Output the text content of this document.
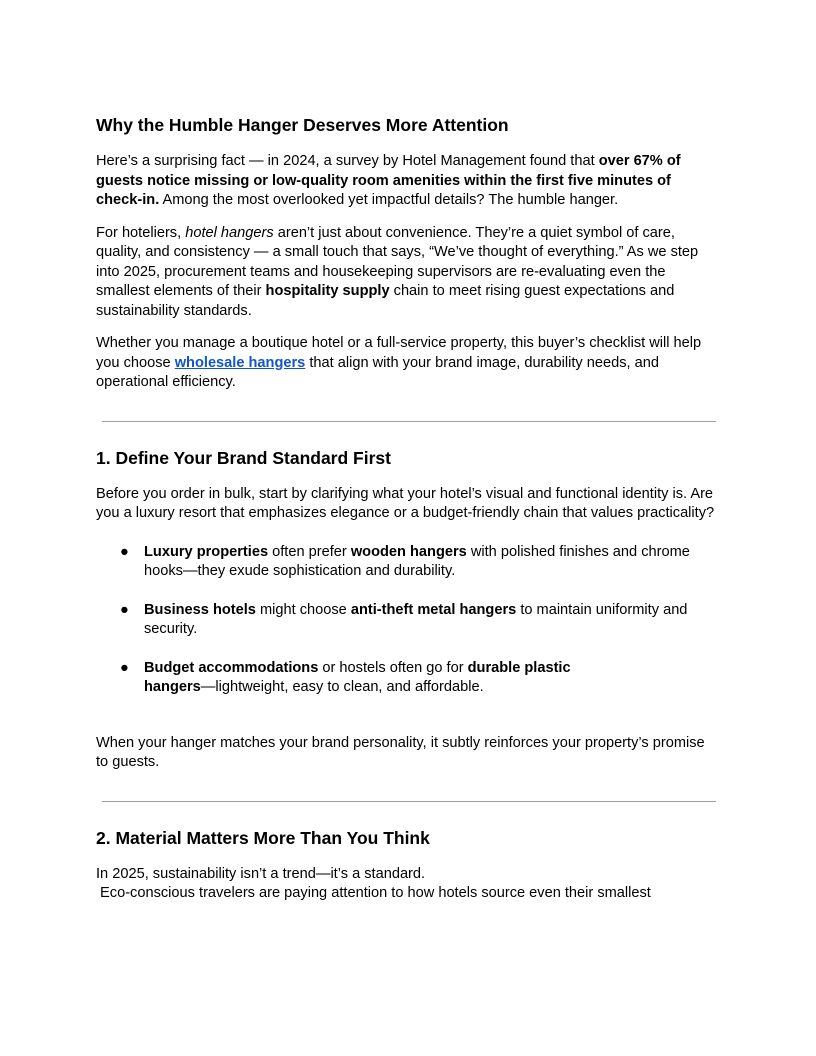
Why the Humble Hanger Deserves More Attention

Here’s a surprising fact — in 2024, a survey by Hotel Management found that over 67% of guests notice missing or low-quality room amenities within the first five minutes of check-in. Among the most overlooked yet impactful details? The humble hanger.

For hoteliers, hotel hangers aren’t just about convenience. They’re a quiet symbol of care, quality, and consistency — a small touch that says, “We’ve thought of everything.” As we step into 2025, procurement teams and housekeeping supervisors are re-evaluating even the smallest elements of their hospitality supply chain to meet rising guest expectations and sustainability standards.

Whether you manage a boutique hotel or a full-service property, this buyer’s checklist will help you choose wholesale hangers that align with your brand image, durability needs, and operational efficiency.

1. Define Your Brand Standard First

Before you order in bulk, start by clarifying what your hotel’s visual and functional identity is. Are you a luxury resort that emphasizes elegance or a budget-friendly chain that values practicality?

● Luxury properties often prefer wooden hangers with polished finishes and chrome hooks—they exude sophistication and durability.
● Business hotels might choose anti-theft metal hangers to maintain uniformity and security.
● Budget accommodations or hostels often go for durable plastic hangers—lightweight, easy to clean, and affordable.

When your hanger matches your brand personality, it subtly reinforces your property’s promise to guests.

2. Material Matters More Than You Think

In 2025, sustainability isn’t a trend—it’s a standard.

Eco-conscious travelers are paying attention to how hotels source even their smallest
